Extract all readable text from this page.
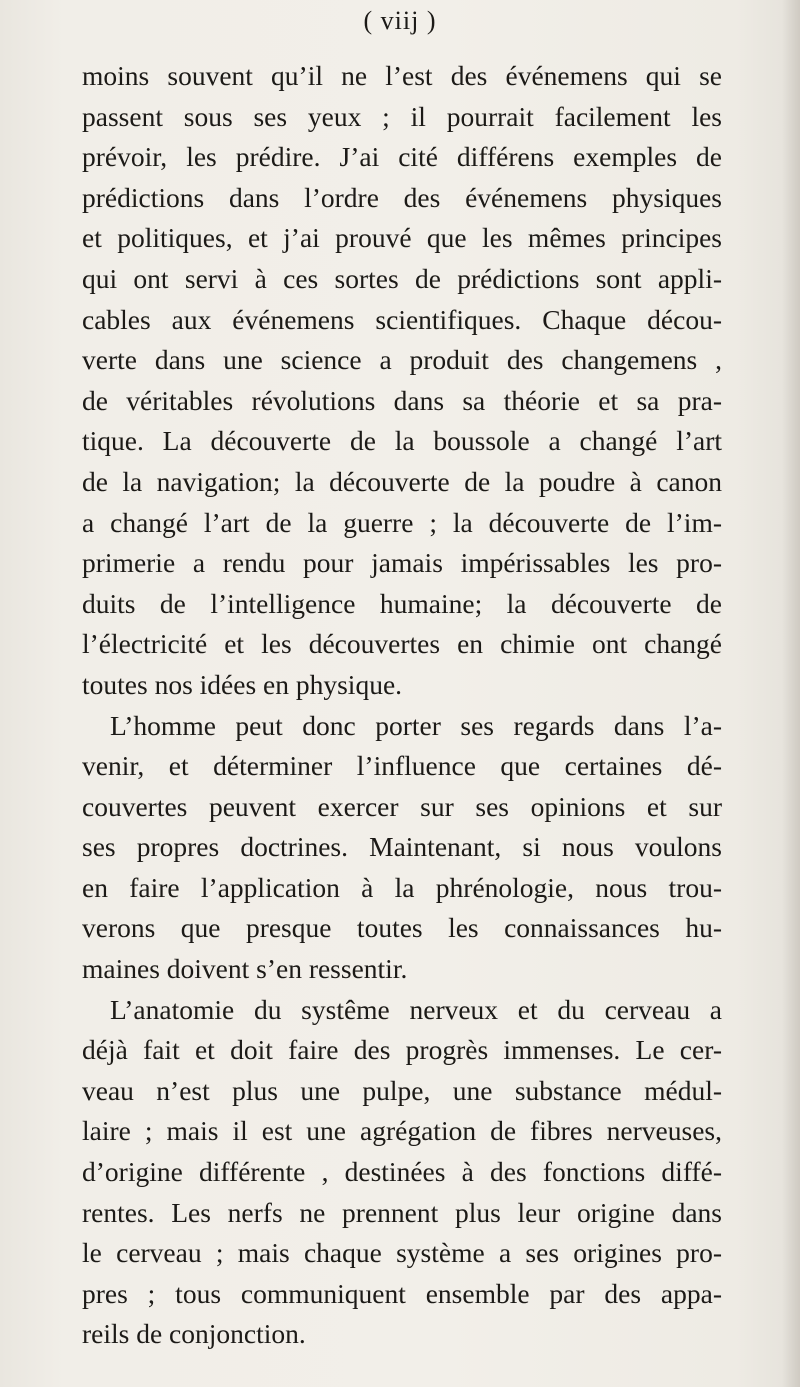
( viij )
moins souvent qu’il ne l’est des événemens qui se
passent sous ses yeux ; il pourrait facilement les
prévoir, les prédire. J’ai cité différens exemples de
prédictions dans l’ordre des événemens physiques
et politiques, et j’ai prouvé que les mêmes principes
qui ont servi à ces sortes de prédictions sont appli-
cables aux événemens scientifiques. Chaque décou-
verte dans une science a produit des changemens ,
de véritables révolutions dans sa théorie et sa pra-
tique. La découverte de la boussole a changé l’art
de la navigation; la découverte de la poudre à canon
a changé l’art de la guerre ; la découverte de l’im-
primerie a rendu pour jamais impérissables les pro-
duits de l’intelligence humaine; la découverte de
l’électricité et les découvertes en chimie ont changé
toutes nos idées en physique.
L’homme peut donc porter ses regards dans l’a-
venir, et déterminer l’influence que certaines dé-
couvertes peuvent exercer sur ses opinions et sur
ses propres doctrines. Maintenant, si nous voulons
en faire l’application à la phrénologie, nous trou-
verons que presque toutes les connaissances hu-
maines doivent s’en ressentir.
L’anatomie du systême nerveux et du cerveau a
déjà fait et doit faire des progrès immenses. Le cer-
veau n’est plus une pulpe, une substance médul-
laire ; mais il est une agrégation de fibres nerveuses,
d’origine différente , destinées à des fonctions diffé-
rentes. Les nerfs ne prennent plus leur origine dans
le cerveau ; mais chaque système a ses origines pro-
pres ; tous communiquent ensemble par des appa-
reils de conjonction.
